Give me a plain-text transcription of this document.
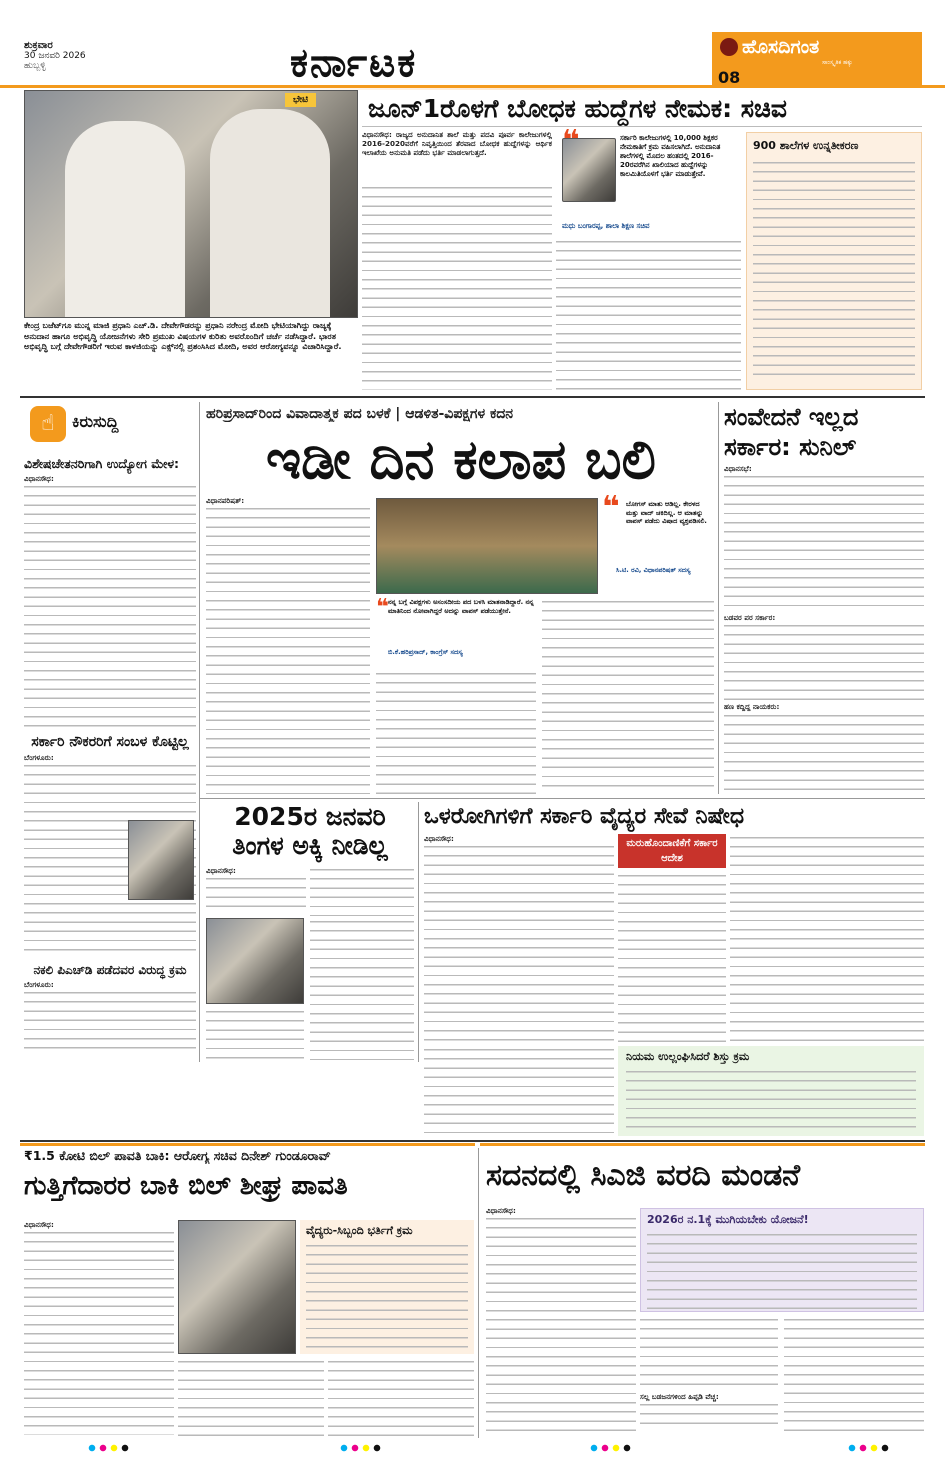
ಶುಕ್ರವಾರ
30 ಜನವರಿ 2026
ಹುಬ್ಬಳ್ಳಿ	ಕರ್ನಾಟಕ	ಹೊಸದಿಗಂತ
ಸಾಂಸ್ಕೃತಿಕ ಹಕ್ಕು
08
ಭೇಟಿ
ಕೇಂದ್ರ ಬಜೆಟ್‌ಗೂ ಮುನ್ನ ಮಾಜಿ ಪ್ರಧಾನಿ ಎಚ್.ಡಿ. ದೇವೇಗೌಡರನ್ನು ಪ್ರಧಾನಿ ನರೇಂದ್ರ ಮೋದಿ ಭೇಟಿಯಾಗಿದ್ದು ರಾಜ್ಯಕ್ಕೆ ಅನುದಾನ ಹಾಗೂ ಅಭಿವೃದ್ಧಿ ಯೋಜನೆಗಳು ಸೇರಿ ಪ್ರಮುಖ ವಿಷಯಗಳ ಕುರಿತು ಅವರೊಂದಿಗೆ ಚರ್ಚೆ ನಡೆಸಿದ್ದಾರೆ. ಭಾರತ ಅಭಿವೃದ್ಧಿ ಬಗ್ಗೆ ದೇವೇಗೌಡರಿಗೆ ಇರುವ ಕಾಳಜಿಯನ್ನು ಎಕ್ಸ್‌ನಲ್ಲಿ ಪ್ರಶಂಸಿಸಿದ ಮೋದಿ, ಅವರ ಆರೋಗ್ಯವನ್ನೂ ವಿಚಾರಿಸಿದ್ದಾರೆ.
ಜೂನ್1ರೊಳಗೆ ಬೋಧಕ ಹುದ್ದೆಗಳ ನೇಮಕ: ಸಚಿವ
ವಿಧಾನಸೌಧ: ರಾಜ್ಯದ ಅನುದಾನಿತ ಶಾಲೆ ಮತ್ತು ಪದವಿ ಪೂರ್ವ ಕಾಲೇಜುಗಳಲ್ಲಿ 2016-2020ವರೆಗೆ ನಿವೃತ್ತಿಯಿಂದ ತೆರವಾದ ಬೋಧಕ ಹುದ್ದೆಗಳನ್ನು ಆರ್ಥಿಕ ಇಲಾಖೆಯ ಅನುಮತಿ ಪಡೆದು ಭರ್ತಿ ಮಾಡಲಾಗುತ್ತದೆ.
ಸರ್ಕಾರಿ ಕಾಲೇಜುಗಳಲ್ಲಿ 10,000 ಶಿಕ್ಷಕರ ನೇಮಕಾತಿಗೆ ಕ್ರಮ ವಹಿಸಲಾಗಿದೆ. ಅನುದಾನಿತ ಶಾಲೆಗಳಲ್ಲಿ ಮೊದಲ ಹಂತದಲ್ಲಿ 2016-20ರವರೆಗಿನ ಖಾಲಿಯಾದ ಹುದ್ದೆಗಳನ್ನು ಕಾಲಮಿತಿಯೊಳಗೆ ಭರ್ತಿ ಮಾಡುತ್ತೇವೆ.
ಮಧು ಬಂಗಾರಪ್ಪ, ಶಾಲಾ ಶಿಕ್ಷಣ ಸಚಿವ
900 ಶಾಲೆಗಳ ಉನ್ನತೀಕರಣ
☝	ಕಿರುಸುದ್ದಿ
ವಿಶೇಷಚೇತನರಿಗಾಗಿ ಉದ್ಯೋಗ ಮೇಳ:
ವಿಧಾನಸೌಧ:
ಸರ್ಕಾರಿ ನೌಕರರಿಗೆ ಸಂಬಳ ಕೊಟ್ಟಿಲ್ಲ
ಬೆಂಗಳೂರು:
ನಕಲಿ ಪಿಎಚ್‌ಡಿ ಪಡೆದವರ ವಿರುದ್ಧ ಕ್ರಮ
ಬೆಂಗಳೂರು:
ಹರಿಪ್ರಸಾದ್‌ರಿಂದ ವಿವಾದಾತ್ಮಕ ಪದ ಬಳಕೆ | ಆಡಳಿತ-ವಿಪಕ್ಷಗಳ ಕದನ
ಇಡೀ ದಿನ ಕಲಾಪ ಬಲಿ
ವಿಧಾನಪರಿಷತ್:	❝ ಬೋಗಸ್ ಮಾತು ಆಡಿಲ್ಲ. ಕೇರಳದ ಮತ್ತು ವಾದ್ ಚಕಿದಿಲ್ಲ. ಆ ಮಾತನ್ನು ವಾಪಸ್ ಪಡೆದು ವಿಷಾದ ವ್ಯಕ್ತಪಡಿಸಲಿ.
ಸಿ.ಟಿ. ರವಿ, ವಿಧಾನಪರಿಷತ್ ಸದಸ್ಯ
❝ ನನ್ನ ಬಗ್ಗೆ ವಿಪಕ್ಷಗಳು ಅಸಂಸದೀಯ ಪದ ಬಳಸಿ ಮಾತನಾಡಿದ್ದಾರೆ. ನನ್ನ ಮಾತಿನಿಂದ ನೋವಾಗಿದ್ದರೆ ಅದನ್ನು ವಾಪಸ್ ಪಡೆಯುತ್ತೇನೆ.
ಬಿ.ಕೆ.ಹರಿಪ್ರಸಾದ್, ಕಾಂಗ್ರೆಸ್ ಸದಸ್ಯ
ಸಂವೇದನೆ ಇಲ್ಲದ ಸರ್ಕಾರ: ಸುನಿಲ್
ವಿಧಾನಸಭೆ:
ಬಡವರ ಪರ ಸರ್ಕಾರ:
ಹಣ ಕದ್ದಿದ್ದ ನಾಯಕರು:
2025ರ ಜನವರಿ ತಿಂಗಳ ಅಕ್ಕಿ ನೀಡಿಲ್ಲ
ವಿಧಾನಸೌಧ:
ಒಳರೋಗಿಗಳಿಗೆ ಸರ್ಕಾರಿ ವೈದ್ಯರ ಸೇವೆ ನಿಷೇಧ
ವಿಧಾನಸೌಧ:	ಮರುಹೊಂದಾಣಿಕೆಗೆ ಸರ್ಕಾರ ಆದೇಶ
ನಿಯಮ ಉಲ್ಲಂಘಿಸಿದರೆ ಶಿಸ್ತು ಕ್ರಮ
₹1.5 ಕೋಟಿ ಬಿಲ್ ಪಾವತಿ ಬಾಕಿ: ಆರೋಗ್ಯ ಸಚಿವ ದಿನೇಶ್ ಗುಂಡೂರಾವ್
ಗುತ್ತಿಗೆದಾರರ ಬಾಕಿ ಬಿಲ್ ಶೀಘ್ರ ಪಾವತಿ
ವಿಧಾನಸೌಧ:	ವೈದ್ಯರು-ಸಿಬ್ಬಂದಿ ಭರ್ತಿಗೆ ಕ್ರಮ
ಸದನದಲ್ಲಿ ಸಿಎಜಿ ವರದಿ ಮಂಡನೆ
ವಿಧಾನಸೌಧ:
2026ರ ನ.1ಕ್ಕೆ ಮುಗಿಯಬೇಕು ಯೋಜನೆ!
ಸಲ್ಲ ಬಡಜನಗಳಿಂದ ಹಿಪ್ಪಡಿ ವೆಚ್ಚ:
